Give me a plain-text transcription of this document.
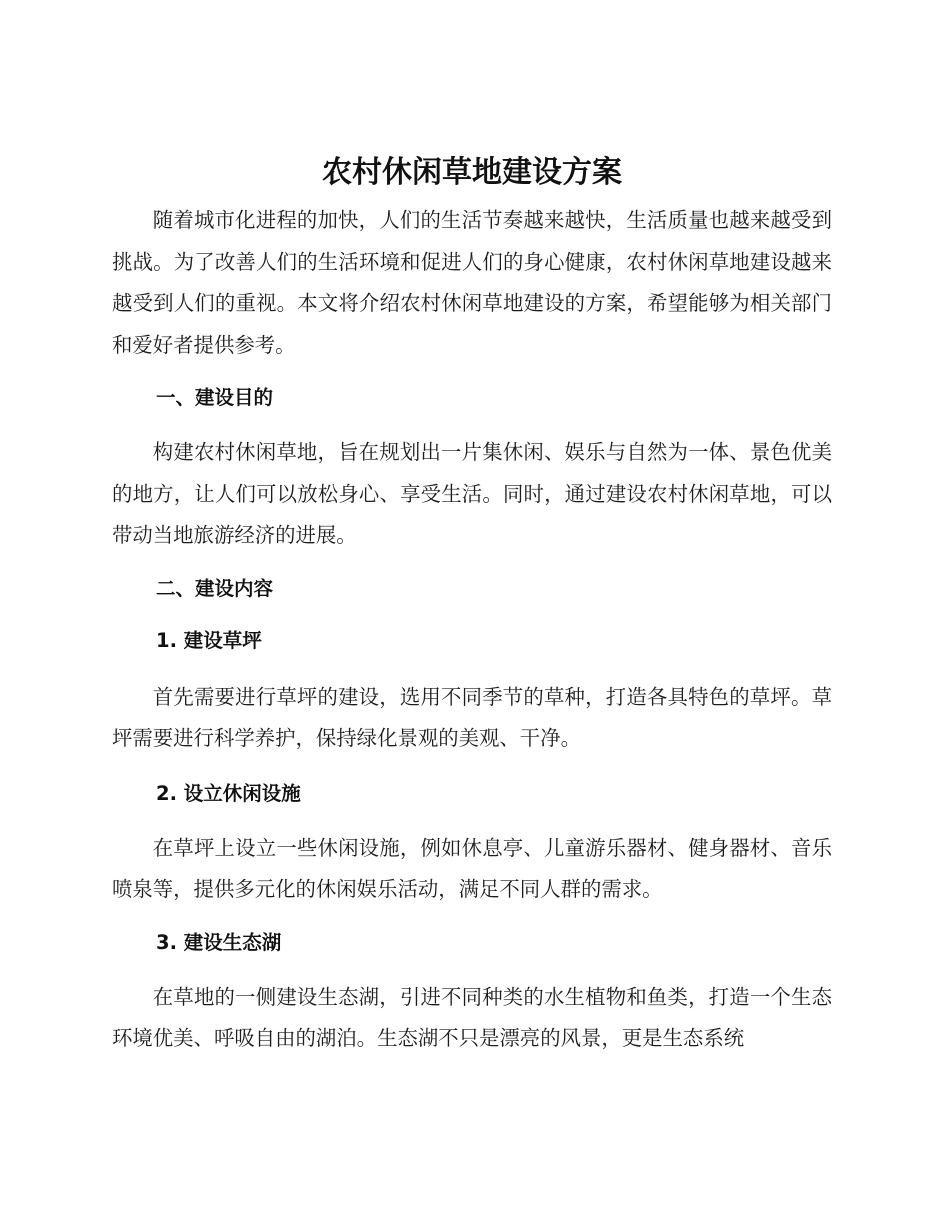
农村休闲草地建设方案

随着城市化进程的加快，人们的生活节奏越来越快，生活质量也越来越受到挑战。为了改善人们的生活环境和促进人们的身心健康，农村休闲草地建设越来越受到人们的重视。本文将介绍农村休闲草地建设的方案，希望能够为相关部门和爱好者提供参考。

一、建设目的

构建农村休闲草地，旨在规划出一片集休闲、娱乐与自然为一体、景色优美的地方，让人们可以放松身心、享受生活。同时，通过建设农村休闲草地，可以带动当地旅游经济的进展。

二、建设内容
1. 建设草坪

首先需要进行草坪的建设，选用不同季节的草种，打造各具特色的草坪。草坪需要进行科学养护，保持绿化景观的美观、干净。

2. 设立休闲设施

在草坪上设立一些休闲设施，例如休息亭、儿童游乐器材、健身器材、音乐喷泉等，提供多元化的休闲娱乐活动，满足不同人群的需求。

3. 建设生态湖

在草地的一侧建设生态湖，引进不同种类的水生植物和鱼类，打造一个生态环境优美、呼吸自由的湖泊。生态湖不只是漂亮的风景，更是生态系统
